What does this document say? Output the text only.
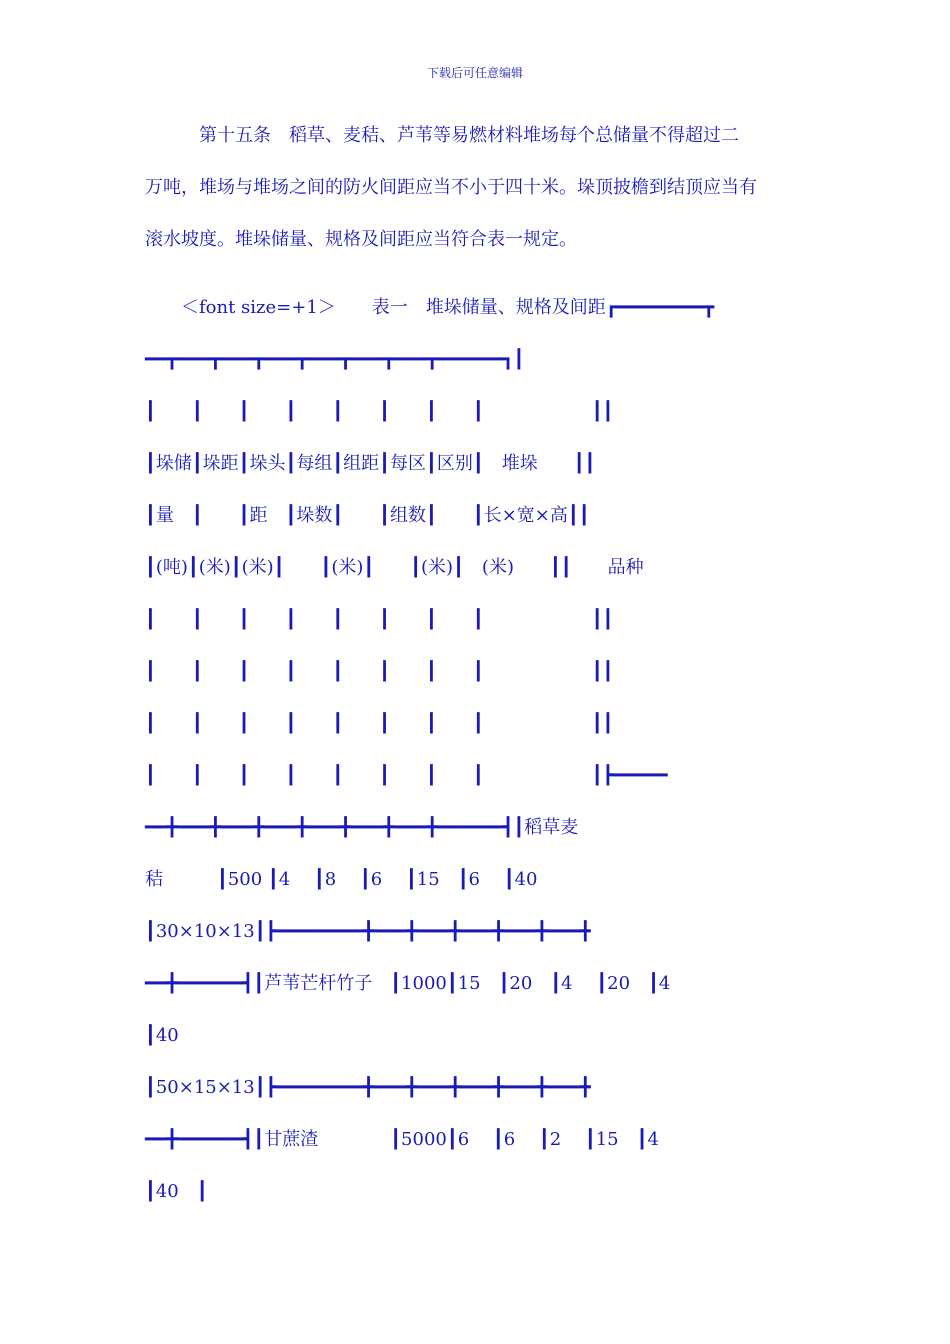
下载后可任意编辑
　　　第十五条　稻草、麦秸、芦苇等易燃材料堆场每个总储量不得超过二
万吨，堆场与堆场之间的防火间距应当不小于四十米。垛顶披檐到结顶应当有
滚水坡度。堆垛储量、规格及间距应当符合表一规定。
　　＜font size=+1＞　　表一　堆垛储量、规格及间距┏━━━━━━━━┳
━━┳━━━┳━━━┳━━━┳━━━┳━━━┳━━━┳━━━━━━┓┃
┃　　┃　　┃　　┃　　┃　　┃　　┃　　┃　　　　　　┃┃
┃垛储┃垛距┃垛头┃每组┃组距┃每区┃区别┃　堆垛　　┃┃
┃量　┃　　┃距　┃垛数┃　　┃组数┃　　┃长×宽×高┃┃
┃(吨)┃(米)┃(米)┃　　┃(米)┃　　┃(米)┃　(米)　　┃┃　　品种
┃　　┃　　┃　　┃　　┃　　┃　　┃　　┃　　　　　　┃┃
┃　　┃　　┃　　┃　　┃　　┃　　┃　　┃　　　　　　┃┃
┃　　┃　　┃　　┃　　┃　　┃　　┃　　┃　　　　　　┃┃
┃　　┃　　┃　　┃　　┃　　┃　　┃　　┃　　　　　　┃┣━━━━━
━━╋━━━╋━━━╋━━━╋━━━╋━━━╋━━━╋━━━━━━┫┃稻草麦
秸　　　┃500 ┃4　 ┃8　 ┃6　 ┃15　┃6　 ┃40
┃30×10×13┃┣━━━━━━━━╋━━━╋━━━╋━━━╋━━━╋━━━╋
━━╋━━━━━━┫┃芦苇芒杆竹子　┃1000┃15　┃20　┃4　 ┃20　┃4
┃40
┃50×15×13┃┣━━━━━━━━╋━━━╋━━━╋━━━╋━━━╋━━━╋
━━╋━━━━━━┫┃甘蔗渣　　　　┃5000┃6　 ┃6　 ┃2　 ┃15　┃4
┃40　┃
